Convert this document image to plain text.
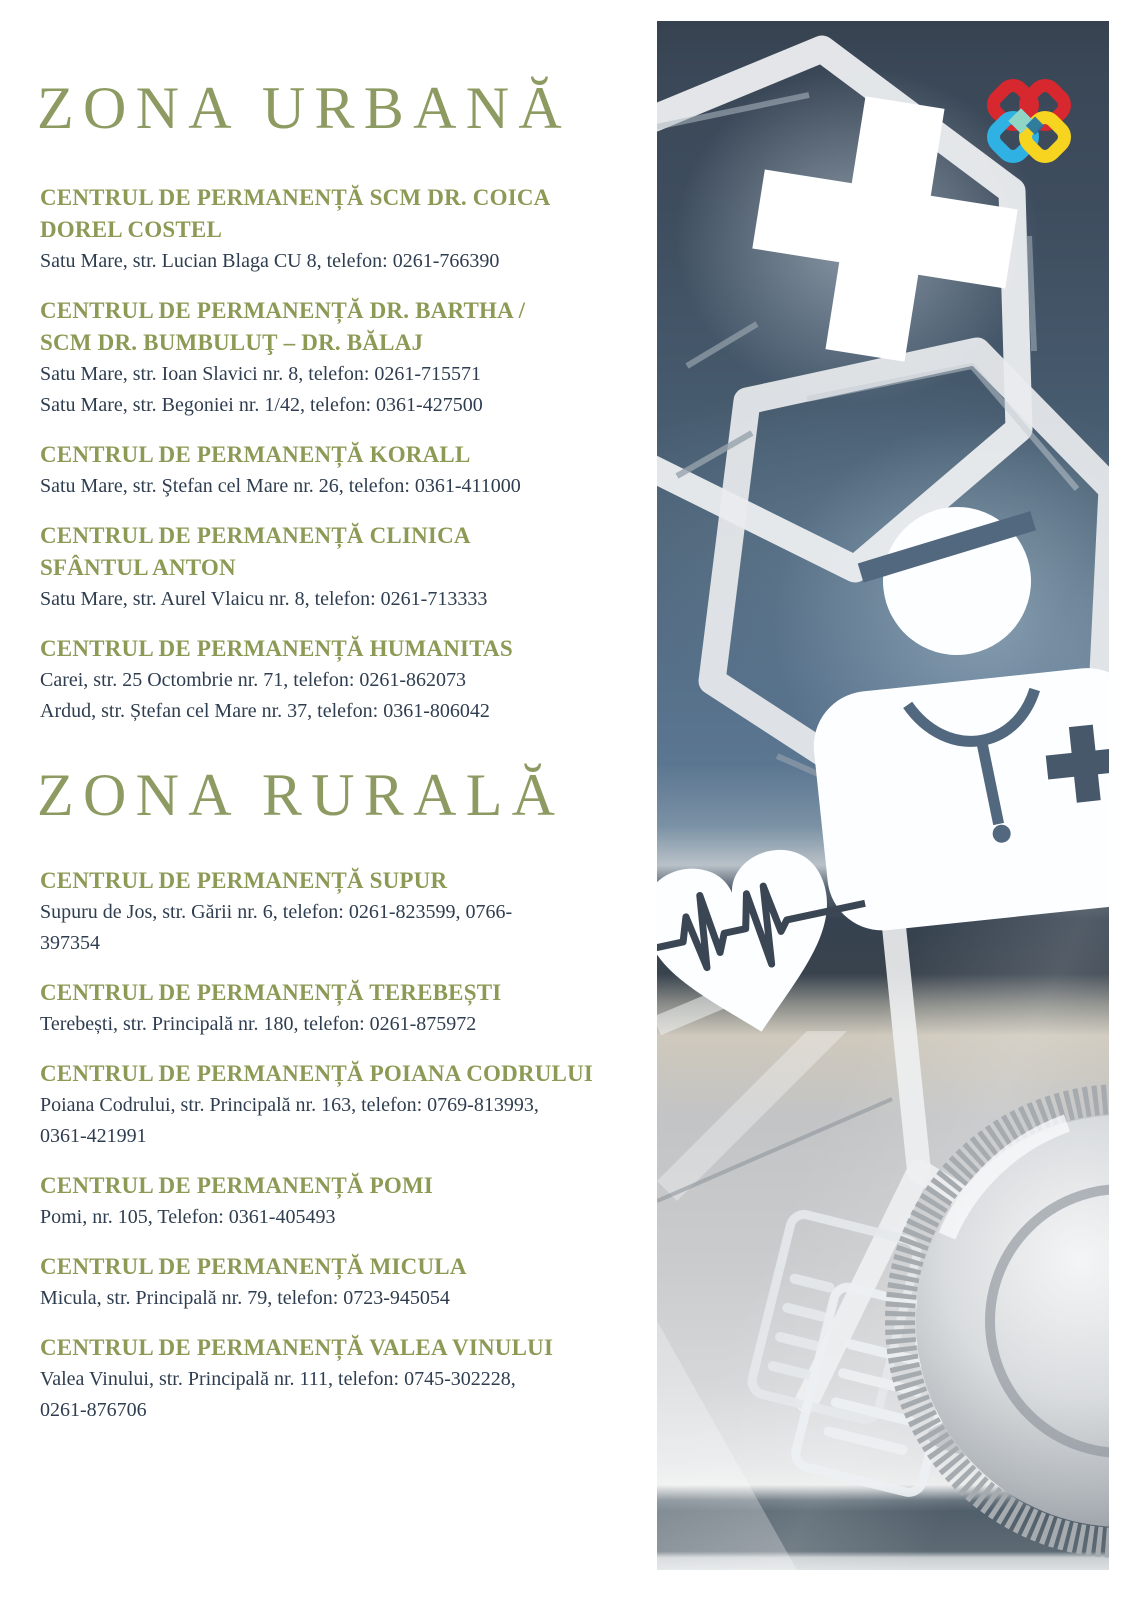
ZONA URBANĂ
CENTRUL DE PERMANENȚĂ SCM DR. COICA
DOREL COSTEL
Satu Mare, str. Lucian Blaga CU 8, telefon: 0261-766390
CENTRUL DE PERMANENȚĂ DR. BARTHA /
SCM DR. BUMBULUŢ – DR. BĂLAJ
Satu Mare, str. Ioan Slavici nr. 8, telefon: 0261-715571
Satu Mare, str. Begoniei nr. 1/42, telefon: 0361-427500
CENTRUL DE PERMANENȚĂ KORALL
Satu Mare, str. Ştefan cel Mare nr. 26, telefon: 0361-411000
CENTRUL DE PERMANENȚĂ CLINICA
SFÂNTUL ANTON
Satu Mare, str. Aurel Vlaicu nr. 8, telefon: 0261-713333
CENTRUL DE PERMANENȚĂ HUMANITAS
Carei, str. 25 Octombrie nr. 71, telefon: 0261-862073
Ardud, str. Ștefan cel Mare nr. 37, telefon: 0361-806042
ZONA RURALĂ
CENTRUL DE PERMANENȚĂ SUPUR
Supuru de Jos, str. Gării nr. 6, telefon: 0261-823599, 0766-
397354
CENTRUL DE PERMANENȚĂ TEREBEȘTI
Terebești, str. Principală nr. 180, telefon: 0261-875972
CENTRUL DE PERMANENȚĂ POIANA CODRULUI
Poiana Codrului, str. Principală nr. 163, telefon: 0769-813993,
0361-421991
CENTRUL DE PERMANENȚĂ POMI
Pomi, nr. 105, Telefon: 0361-405493
CENTRUL DE PERMANENȚĂ MICULA
Micula, str. Principală nr. 79, telefon: 0723-945054
CENTRUL DE PERMANENȚĂ VALEA VINULUI
Valea Vinului, str. Principală nr. 111, telefon: 0745-302228,
0261-876706
